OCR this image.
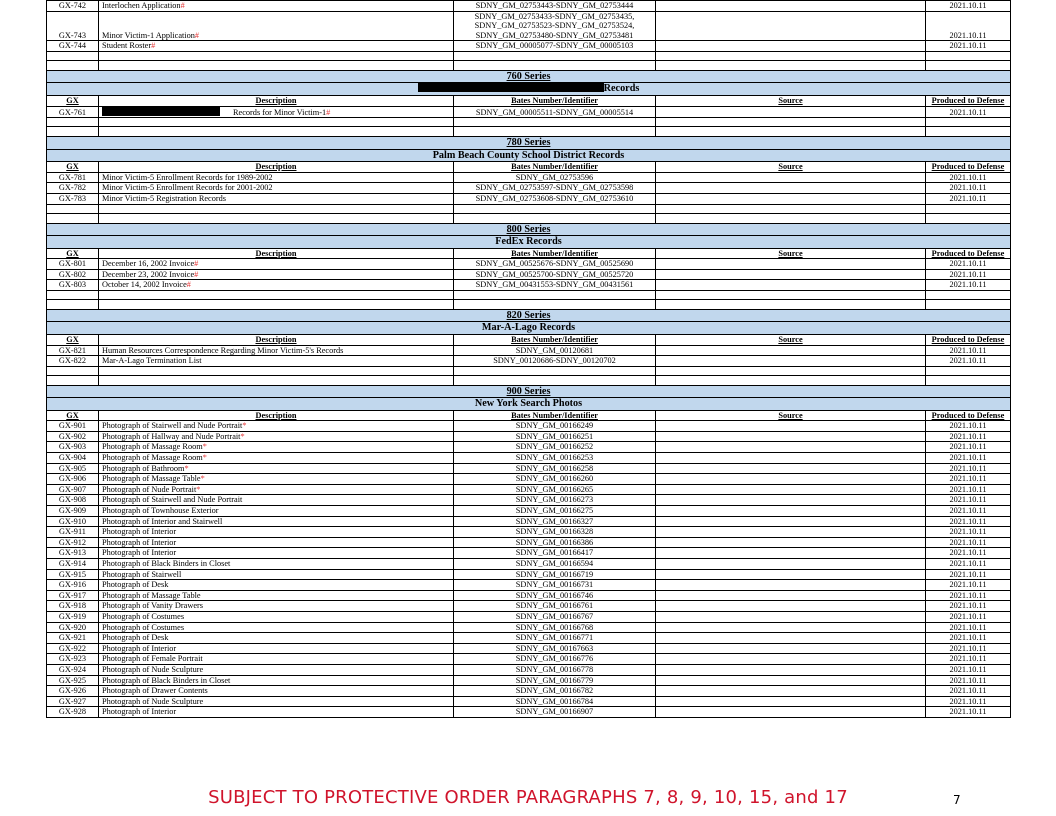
GX-742	Interlochen Application#	SDNY_GM_02753443-SDNY_GM_02753444		2021.10.11
GX-743	Minor Victim-1 Application#	SDNY_GM_02753433-SDNY_GM_02753435,
SDNY_GM_02753523-SDNY_GM_02753524,
SDNY_GM_02753480-SDNY_GM_02753481		2021.10.11
GX-744	Student Roster#	SDNY_GM_00005077-SDNY_GM_00005103		2021.10.11

760 Series				
Records				
GX	Description	Bates Number/Identifier	Source	Produced to Defense
GX-761	Records for Minor Victim-1#	SDNY_GM_00005511-SDNY_GM_00005514		2021.10.11

780 Series				
Palm Beach County School District Records				
GX	Description	Bates Number/Identifier	Source	Produced to Defense
GX-781	Minor Victim-5 Enrollment Records for 1989-2002	SDNY_GM_02753596		2021.10.11
GX-782	Minor Victim-5 Enrollment Records for 2001-2002	SDNY_GM_02753597-SDNY_GM_02753598		2021.10.11
GX-783	Minor Victim-5 Registration Records	SDNY_GM_02753608-SDNY_GM_02753610		2021.10.11

800 Series				
FedEx Records				
GX	Description	Bates Number/Identifier	Source	Produced to Defense
GX-801	December 16, 2002 Invoice#	SDNY_GM_00525676-SDNY_GM_00525690		2021.10.11
GX-802	December 23, 2002 Invoice#	SDNY_GM_00525700-SDNY_GM_00525720		2021.10.11
GX-803	October 14, 2002 Invoice#	SDNY_GM_00431553-SDNY_GM_00431561		2021.10.11

820 Series				
Mar-A-Lago Records				
GX	Description	Bates Number/Identifier	Source	Produced to Defense
GX-821	Human Resources Correspondence Regarding Minor Victim-5's Records	SDNY_GM_00120681		2021.10.11
GX-822	Mar-A-Lago Termination List	SDNY_00120686-SDNY_00120702		2021.10.11

900 Series				
New York Search Photos				
GX	Description	Bates Number/Identifier	Source	Produced to Defense
GX-901	Photograph of Stairwell and Nude Portrait*	SDNY_GM_00166249		2021.10.11
GX-902	Photograph of Hallway and Nude Portrait*	SDNY_GM_00166251		2021.10.11
GX-903	Photograph of Massage Room*	SDNY_GM_00166252		2021.10.11
GX-904	Photograph of Massage Room*	SDNY_GM_00166253		2021.10.11
GX-905	Photograph of Bathroom*	SDNY_GM_00166258		2021.10.11
GX-906	Photograph of Massage Table*	SDNY_GM_00166260		2021.10.11
GX-907	Photograph of Nude Portrait*	SDNY_GM_00166265		2021.10.11
GX-908	Photograph of Stairwell and Nude Portrait	SDNY_GM_00166273		2021.10.11
GX-909	Photograph of Townhouse Exterior	SDNY_GM_00166275		2021.10.11
GX-910	Photograph of Interior and Stairwell	SDNY_GM_00166327		2021.10.11
GX-911	Photograph of Interior	SDNY_GM_00166328		2021.10.11
GX-912	Photograph of Interior	SDNY_GM_00166386		2021.10.11
GX-913	Photograph of Interior	SDNY_GM_00166417		2021.10.11
GX-914	Photograph of Black Binders in Closet	SDNY_GM_00166594		2021.10.11
GX-915	Photograph of Stairwell	SDNY_GM_00166719		2021.10.11
GX-916	Photograph of Desk	SDNY_GM_00166731		2021.10.11
GX-917	Photograph of Massage Table	SDNY_GM_00166746		2021.10.11
GX-918	Photograph of Vanity Drawers	SDNY_GM_00166761		2021.10.11
GX-919	Photograph of Costumes	SDNY_GM_00166767		2021.10.11
GX-920	Photograph of Costumes	SDNY_GM_00166768		2021.10.11
GX-921	Photograph of Desk	SDNY_GM_00166771		2021.10.11
GX-922	Photograph of Interior	SDNY_GM_00167663		2021.10.11
GX-923	Photograph of Female Portrait	SDNY_GM_00166776		2021.10.11
GX-924	Photograph of Nude Sculpture	SDNY_GM_00166778		2021.10.11
GX-925	Photograph of Black Binders in Closet	SDNY_GM_00166779		2021.10.11
GX-926	Photograph of Drawer Contents	SDNY_GM_00166782		2021.10.11
GX-927	Photograph of Nude Sculpture	SDNY_GM_00166784		2021.10.11
GX-928	Photograph of Interior	SDNY_GM_00166907		2021.10.11
SUBJECT TO PROTECTIVE ORDER PARAGRAPHS 7, 8, 9, 10, 15, and 17	7
